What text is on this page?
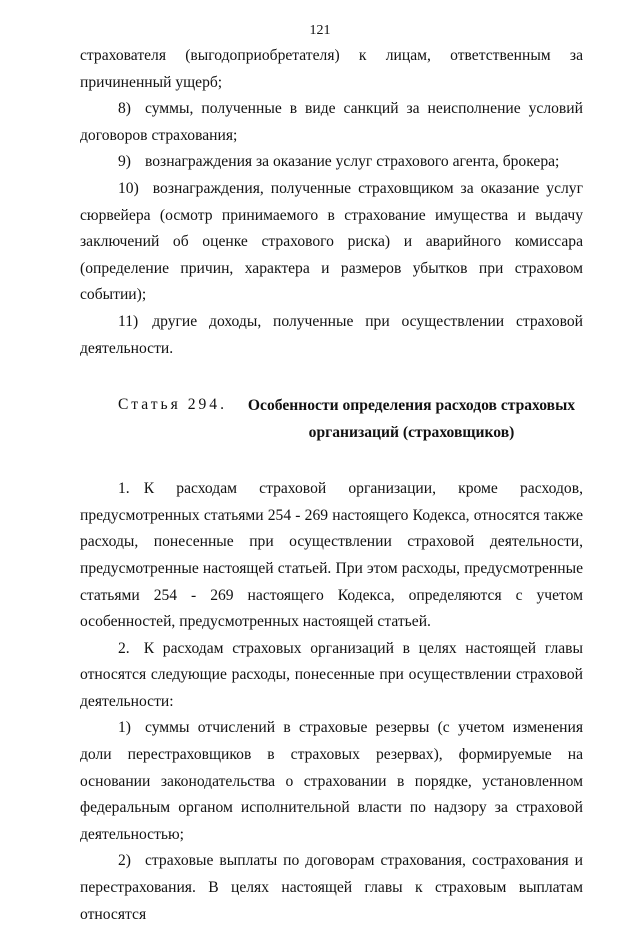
121

страхователя (выгодоприобретателя) к лицам, ответственным за причиненный ущерб;

8) суммы, полученные в виде санкций за неисполнение условий договоров страхования;

9) вознаграждения за оказание услуг страхового агента, брокера;

10) вознаграждения, полученные страховщиком за оказание услуг сюрвейера (осмотр принимаемого в страхование имущества и выдачу заключений об оценке страхового риска) и аварийного комиссара (определение причин, характера и размеров убытков при страховом событии);

11) другие доходы, полученные при осуществлении страховой деятельности.

Статья 294.	Особенности определения расходов страховых организаций (страховщиков)

1. К расходам страховой организации, кроме расходов, предусмотренных статьями 254 - 269 настоящего Кодекса, относятся также расходы, понесенные при осуществлении страховой деятельности, предусмотренные настоящей статьей. При этом расходы, предусмотренные статьями 254 - 269 настоящего Кодекса, определяются с учетом особенностей, предусмотренных настоящей статьей.

2. К расходам страховых организаций в целях настоящей главы относятся следующие расходы, понесенные при осуществлении страховой деятельности:

1) суммы отчислений в страховые резервы (с учетом изменения доли перестраховщиков в страховых резервах), формируемые на основании законодательства о страховании в порядке, установленном федеральным органом исполнительной власти по надзору за страховой деятельностью;

2) страховые выплаты по договорам страхования, сострахования и перестрахования. В целях настоящей главы к страховым выплатам относятся
